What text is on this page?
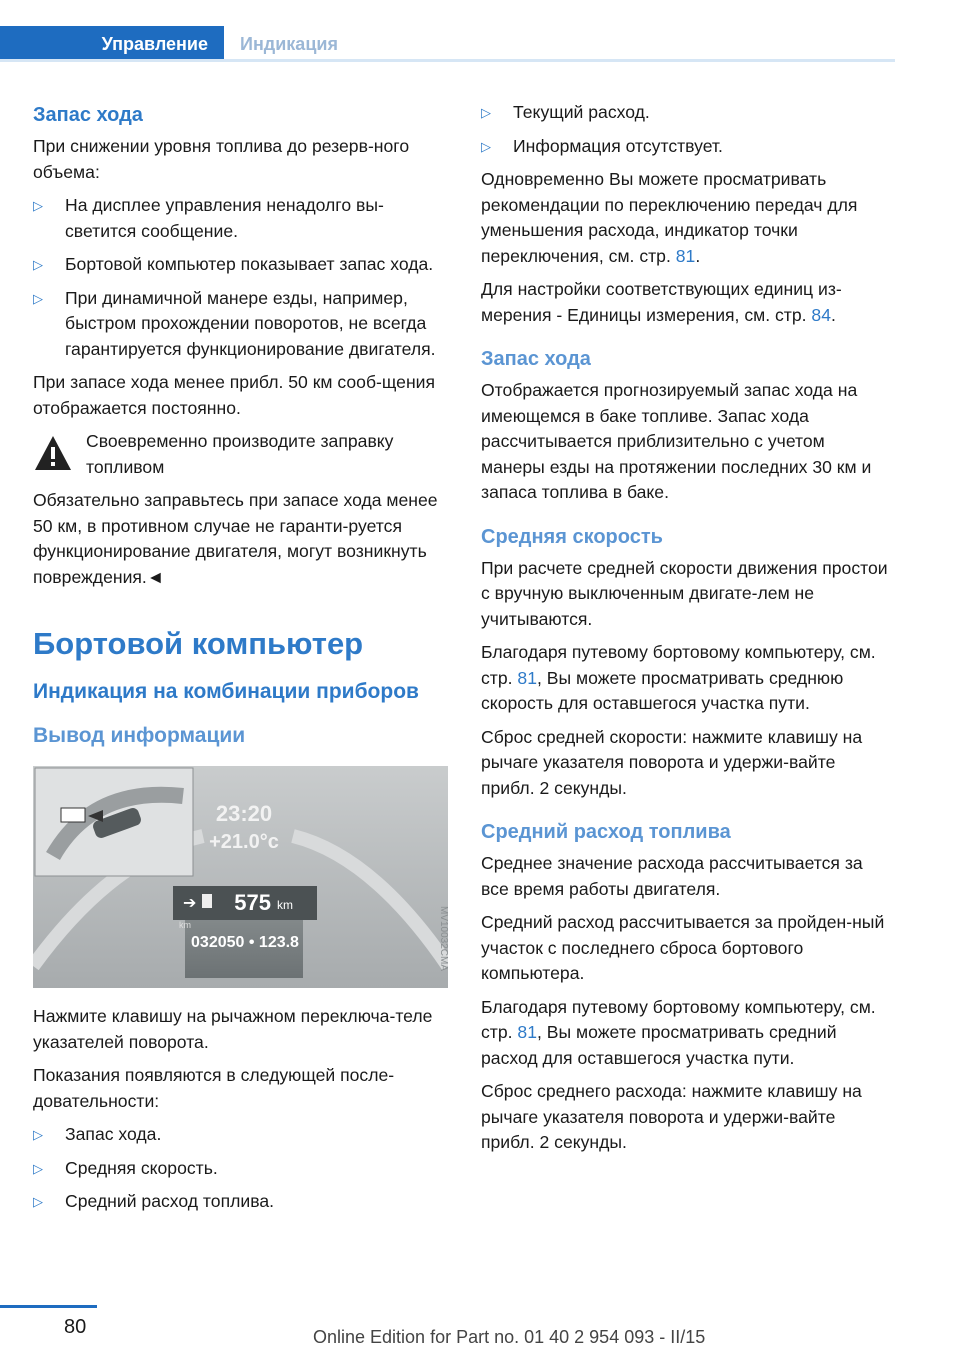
Управление	Индикация
Запас хода

При снижении уровня топлива до резерв-ного объема:

▷ На дисплее управления ненадолго вы-светится сообщение.
▷ Бортовой компьютер показывает запас хода.
▷ При динамичной манере езды, например, быстром прохождении поворотов, не всегда гарантируется функционирование двигателя.

При запасе хода менее прибл. 50 км сооб-щения отображается постоянно.

Своевременно производите заправку топливом

Обязательно заправьтесь при запасе хода менее 50 км, в противном случае не гаранти-руется функционирование двигателя, могут возникнуть повреждения.◄

Бортовой компьютер
Индикация на комбинации приборов
Вывод информации
23:20
+21.0°c
➔ 575 km
km
032050 • 123.8	MV10032CMA

Нажмите клавишу на рычажном переключа-теле указателей поворота.

Показания появляются в следующей после-довательности:

▷ Запас хода.
▷ Средняя скорость.
▷ Средний расход топлива.
▷ Текущий расход.
▷ Информация отсутствует.

Одновременно Вы можете просматривать рекомендации по переключению передач для уменьшения расхода, индикатор точки переключения, см. стр. 81.

Для настройки соответствующих единиц из-мерения - Единицы измерения, см. стр. 84.

Запас хода

Отображается прогнозируемый запас хода на имеющемся в баке топливе. Запас хода рассчитывается приблизительно с учетом манеры езды на протяжении последних 30 км и запаса топлива в баке.

Средняя скорость

При расчете средней скорости движения простои с вручную выключенным двигате-лем не учитываются.

Благодаря путевому бортовому компьютеру, см. стр. 81, Вы можете просматривать среднюю скорость для оставшегося участка пути.

Сброс средней скорости: нажмите клавишу на рычаге указателя поворота и удержи-вайте прибл. 2 секунды.

Средний расход топлива

Среднее значение расхода рассчитывается за все время работы двигателя.

Средний расход рассчитывается за пройден-ный участок с последнего сброса бортового компьютера.

Благодаря путевому бортовому компьютеру, см. стр. 81, Вы можете просматривать средний расход для оставшегося участка пути.

Сброс среднего расхода: нажмите клавишу на рычаге указателя поворота и удержи-вайте прибл. 2 секунды.

80	Online Edition for Part no. 01 40 2 954 093 - II/15
